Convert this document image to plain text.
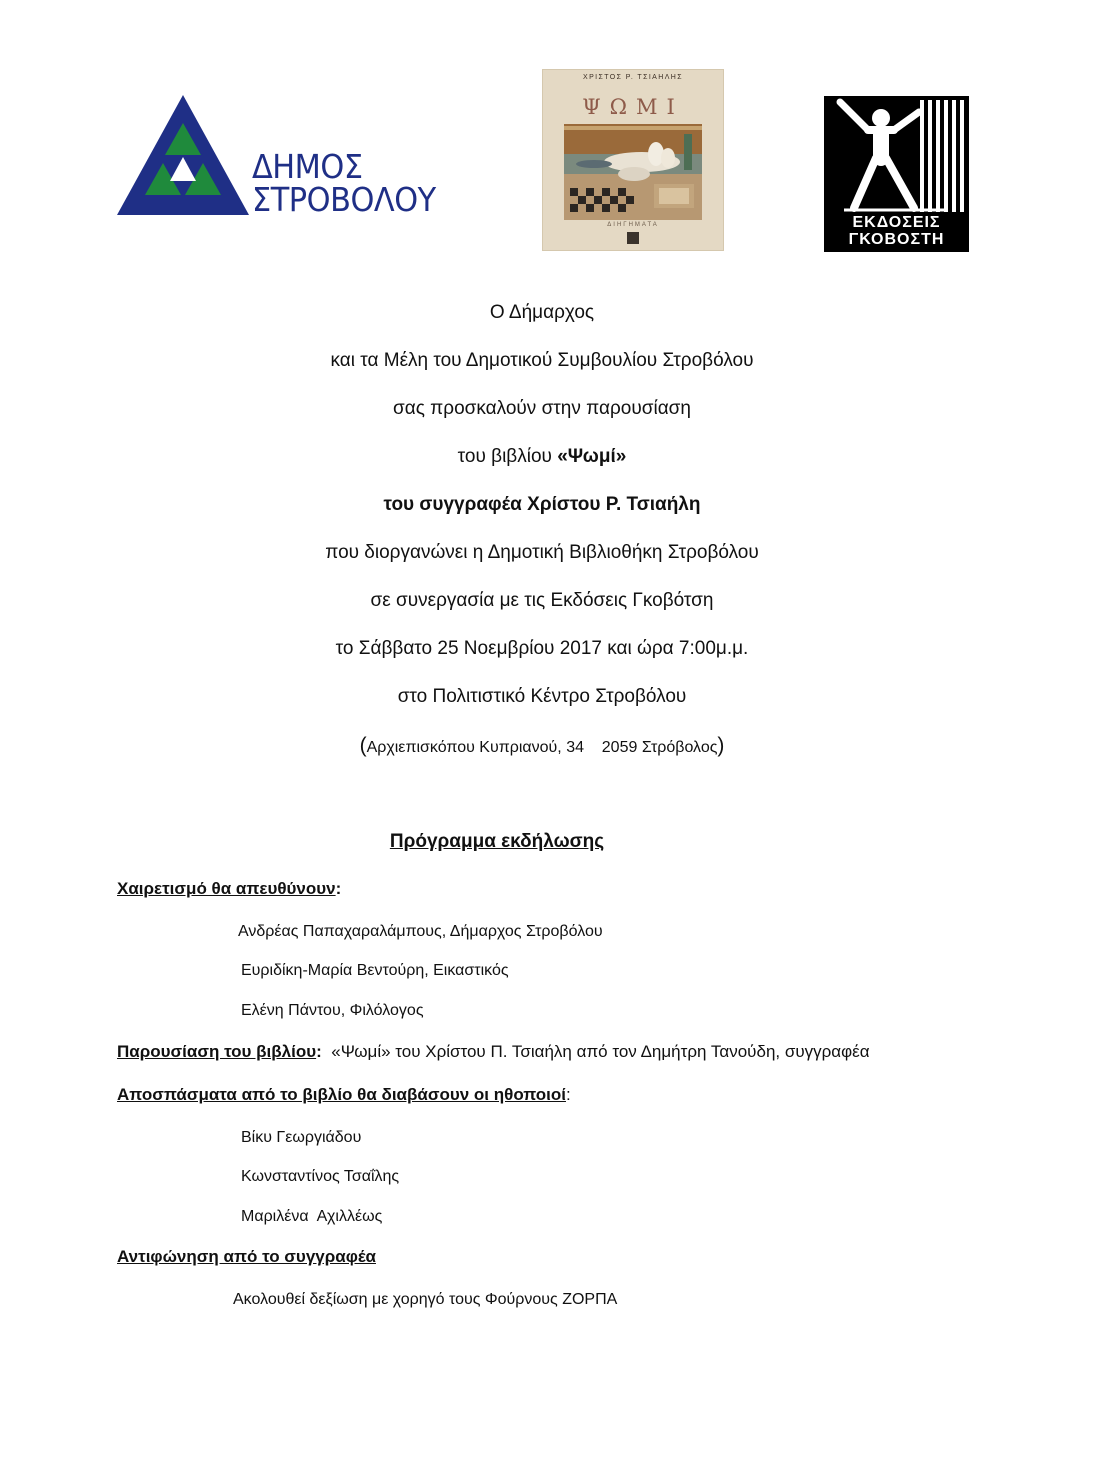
ΔΗΜΟΣ
ΣΤΡΟΒΟΛΟΥ
ΧΡΙΣΤΟΣ Ρ. ΤΣΙΑΗΛΗΣ
ΨΩΜΙ
ΔΙΗΓΗΜΑΤΑ	ΕΚΔΟΣΕΙΣ
ΓΚΟΒΟΣΤΗ
Ο Δήμαρχος
και τα Μέλη του Δημοτικού Συμβουλίου Στροβόλου
σας προσκαλούν στην παρουσίαση
του βιβλίου «Ψωμί»
του συγγραφέα Χρίστου Ρ. Τσιαήλη
που διοργανώνει η Δημοτική Βιβλιοθήκη Στροβόλου
σε συνεργασία με τις Εκδόσεις Γκοβότση
το Σάββατο 25 Νοεμβρίου 2017 και ώρα 7:00μ.μ.
στο Πολιτιστικό Κέντρο Στροβόλου
(Αρχιεπισκόπου Κυπριανού, 34    2059 Στρόβολος)
Πρόγραμμα εκδήλωσης
Χαιρετισμό θα απευθύνουν:
Ανδρέας Παπαχαραλάμπους, Δήμαρχος Στροβόλου
Ευριδίκη-Μαρία Βεντούρη, Εικαστικός
Ελένη Πάντου, Φιλόλογος
Παρουσίαση του βιβλίου:  «Ψωμί» του Χρίστου Π. Τσιαήλη από τον Δημήτρη Τανούδη, συγγραφέα
Αποσπάσματα από το βιβλίο θα διαβάσουν οι ηθοποιοί:
Βίκυ Γεωργιάδου
Κωνσταντίνος Τσαΐλης
Μαριλένα  Αχιλλέως
Αντιφώνηση από το συγγραφέα
Ακολουθεί δεξίωση με χορηγό τους Φούρνους ΖΟΡΠΑ
